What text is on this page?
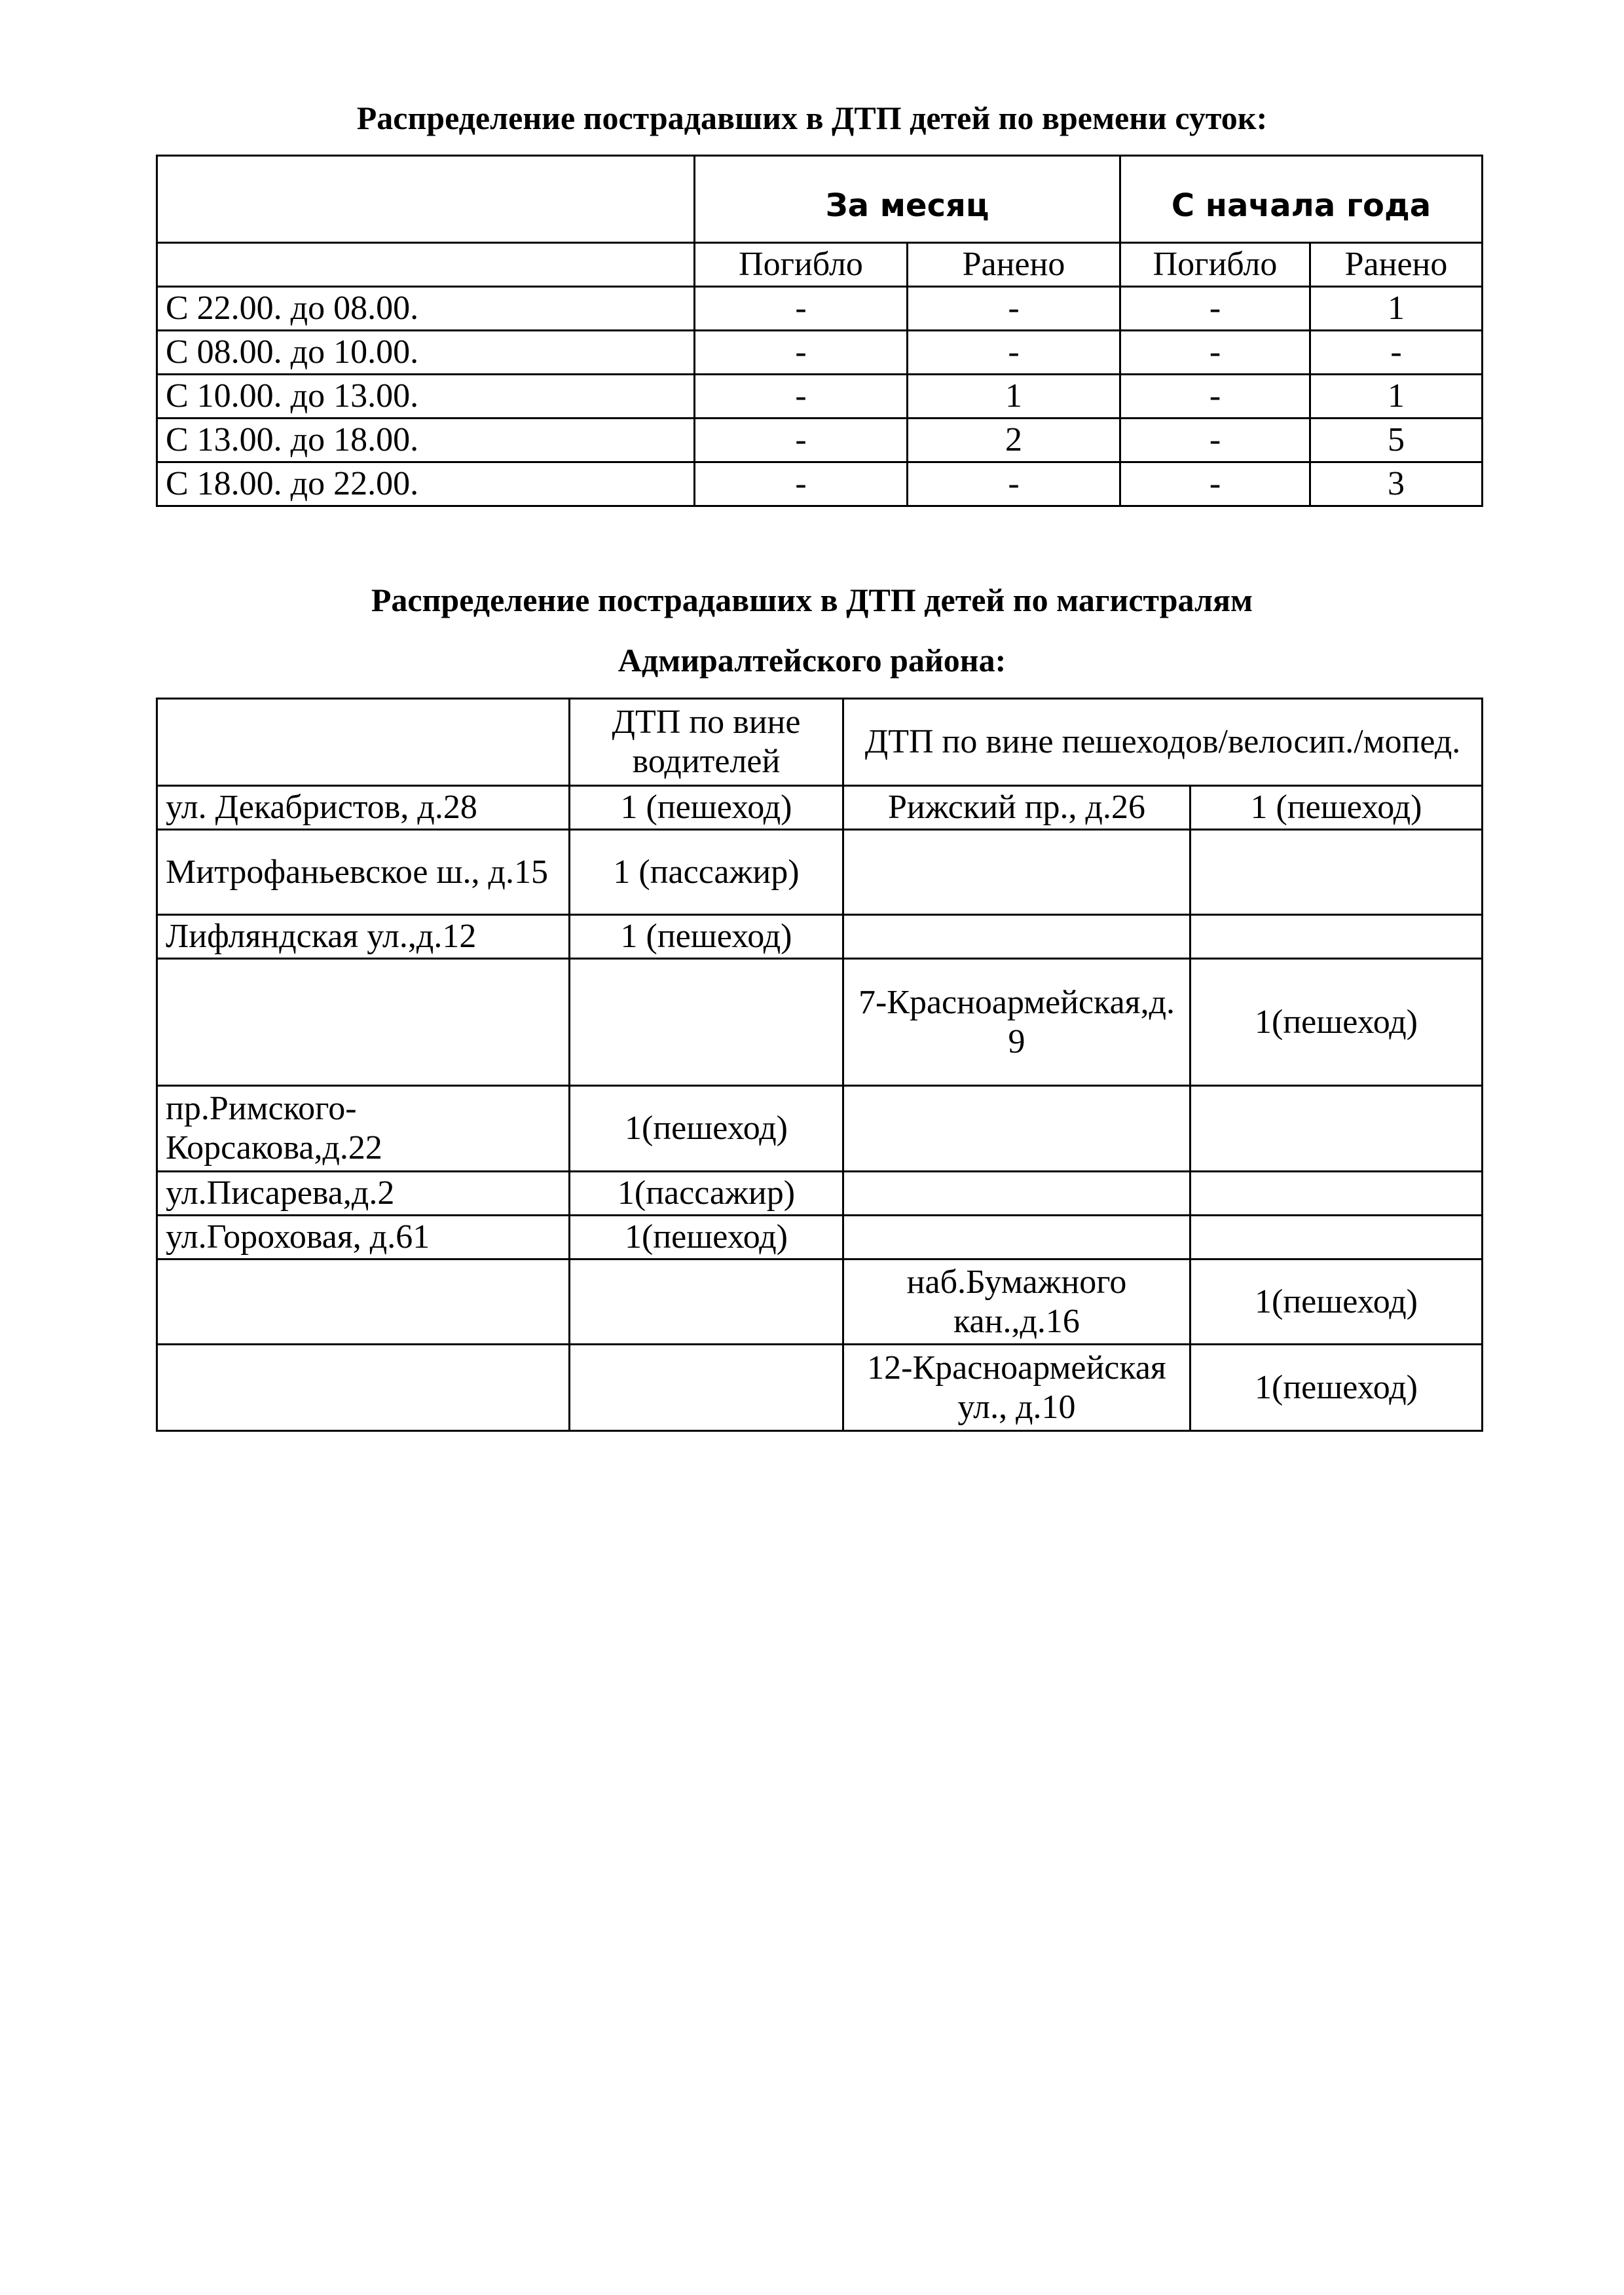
Распределение пострадавших в ДТП детей по времени суток:
	За месяц		С начала года	
	Погибло	Ранено	Погибло	Ранено
С 22.00. до 08.00.	-	-	-	1
С 08.00. до 10.00.	-	-	-	-
С 10.00. до 13.00.	-	1	-	1
С 13.00. до 18.00.	-	2	-	5
С 18.00. до 22.00.	-	-	-	3
Распределение пострадавших в ДТП детей по магистралям
Адмиралтейского района:
	ДТП по вине водителей	ДТП по вине пешеходов/велосип./мопед.	
ул. Декабристов, д.28	1 (пешеход)	Рижский пр., д.26	1 (пешеход)
Митрофаньевское ш., д.15	1 (пассажир)		
Лифляндская ул.,д.12	1 (пешеход)		
		7-Красноармейская,д. 9	1(пешеход)
пр.Римского-Корсакова,д.22	1(пешеход)		
ул.Писарева,д.2	1(пассажир)		
ул.Гороховая, д.61	1(пешеход)		
		наб.Бумажного кан.,д.16	1(пешеход)
		12-Красноармейская ул., д.10	1(пешеход)
